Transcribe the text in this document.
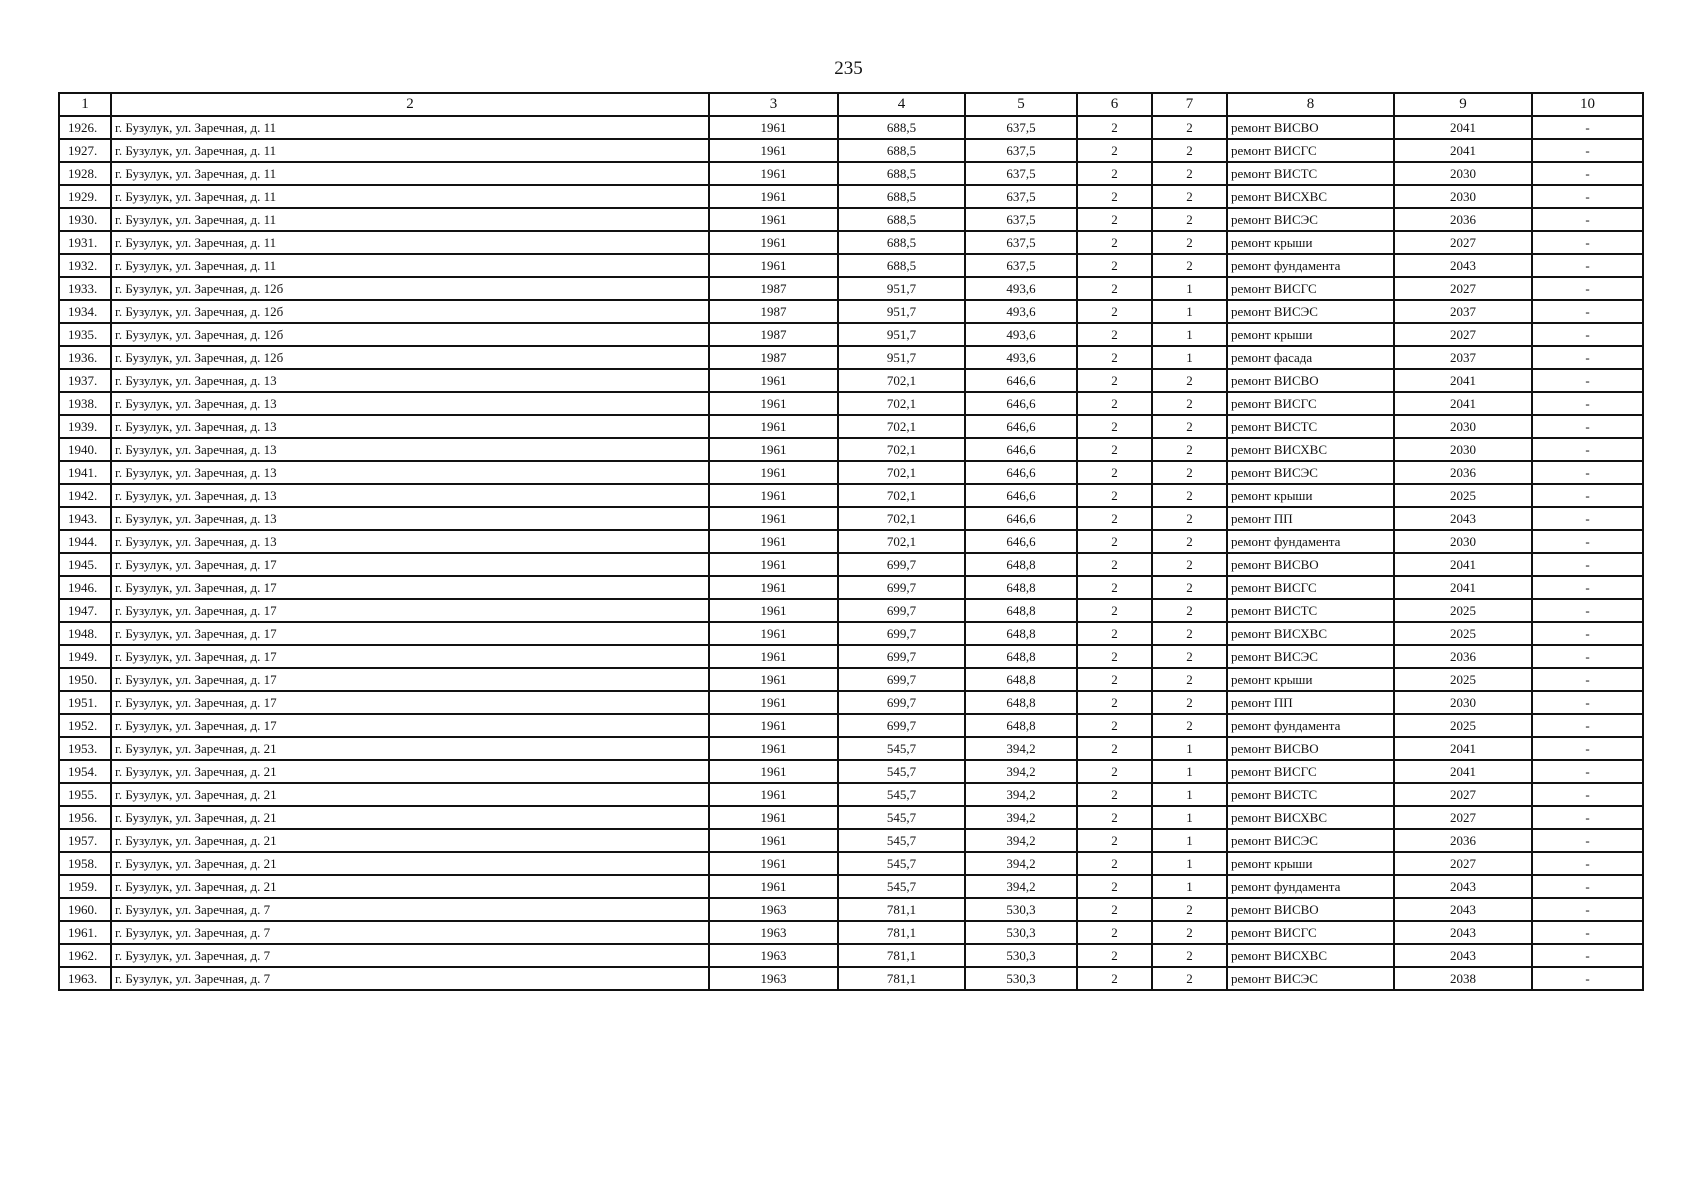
235
1	2	3	4	5	6	7	8	9	10
1926.	г. Бузулук, ул. Заречная, д. 11	1961	688,5	637,5	2	2	ремонт ВИСВО	2041	-
1927.	г. Бузулук, ул. Заречная, д. 11	1961	688,5	637,5	2	2	ремонт ВИСГС	2041	-
1928.	г. Бузулук, ул. Заречная, д. 11	1961	688,5	637,5	2	2	ремонт ВИСТС	2030	-
1929.	г. Бузулук, ул. Заречная, д. 11	1961	688,5	637,5	2	2	ремонт ВИСХВС	2030	-
1930.	г. Бузулук, ул. Заречная, д. 11	1961	688,5	637,5	2	2	ремонт ВИСЭС	2036	-
1931.	г. Бузулук, ул. Заречная, д. 11	1961	688,5	637,5	2	2	ремонт крыши	2027	-
1932.	г. Бузулук, ул. Заречная, д. 11	1961	688,5	637,5	2	2	ремонт фундамента	2043	-
1933.	г. Бузулук, ул. Заречная, д. 12б	1987	951,7	493,6	2	1	ремонт ВИСГС	2027	-
1934.	г. Бузулук, ул. Заречная, д. 12б	1987	951,7	493,6	2	1	ремонт ВИСЭС	2037	-
1935.	г. Бузулук, ул. Заречная, д. 12б	1987	951,7	493,6	2	1	ремонт крыши	2027	-
1936.	г. Бузулук, ул. Заречная, д. 12б	1987	951,7	493,6	2	1	ремонт фасада	2037	-
1937.	г. Бузулук, ул. Заречная, д. 13	1961	702,1	646,6	2	2	ремонт ВИСВО	2041	-
1938.	г. Бузулук, ул. Заречная, д. 13	1961	702,1	646,6	2	2	ремонт ВИСГС	2041	-
1939.	г. Бузулук, ул. Заречная, д. 13	1961	702,1	646,6	2	2	ремонт ВИСТС	2030	-
1940.	г. Бузулук, ул. Заречная, д. 13	1961	702,1	646,6	2	2	ремонт ВИСХВС	2030	-
1941.	г. Бузулук, ул. Заречная, д. 13	1961	702,1	646,6	2	2	ремонт ВИСЭС	2036	-
1942.	г. Бузулук, ул. Заречная, д. 13	1961	702,1	646,6	2	2	ремонт крыши	2025	-
1943.	г. Бузулук, ул. Заречная, д. 13	1961	702,1	646,6	2	2	ремонт ПП	2043	-
1944.	г. Бузулук, ул. Заречная, д. 13	1961	702,1	646,6	2	2	ремонт фундамента	2030	-
1945.	г. Бузулук, ул. Заречная, д. 17	1961	699,7	648,8	2	2	ремонт ВИСВО	2041	-
1946.	г. Бузулук, ул. Заречная, д. 17	1961	699,7	648,8	2	2	ремонт ВИСГС	2041	-
1947.	г. Бузулук, ул. Заречная, д. 17	1961	699,7	648,8	2	2	ремонт ВИСТС	2025	-
1948.	г. Бузулук, ул. Заречная, д. 17	1961	699,7	648,8	2	2	ремонт ВИСХВС	2025	-
1949.	г. Бузулук, ул. Заречная, д. 17	1961	699,7	648,8	2	2	ремонт ВИСЭС	2036	-
1950.	г. Бузулук, ул. Заречная, д. 17	1961	699,7	648,8	2	2	ремонт крыши	2025	-
1951.	г. Бузулук, ул. Заречная, д. 17	1961	699,7	648,8	2	2	ремонт ПП	2030	-
1952.	г. Бузулук, ул. Заречная, д. 17	1961	699,7	648,8	2	2	ремонт фундамента	2025	-
1953.	г. Бузулук, ул. Заречная, д. 21	1961	545,7	394,2	2	1	ремонт ВИСВО	2041	-
1954.	г. Бузулук, ул. Заречная, д. 21	1961	545,7	394,2	2	1	ремонт ВИСГС	2041	-
1955.	г. Бузулук, ул. Заречная, д. 21	1961	545,7	394,2	2	1	ремонт ВИСТС	2027	-
1956.	г. Бузулук, ул. Заречная, д. 21	1961	545,7	394,2	2	1	ремонт ВИСХВС	2027	-
1957.	г. Бузулук, ул. Заречная, д. 21	1961	545,7	394,2	2	1	ремонт ВИСЭС	2036	-
1958.	г. Бузулук, ул. Заречная, д. 21	1961	545,7	394,2	2	1	ремонт крыши	2027	-
1959.	г. Бузулук, ул. Заречная, д. 21	1961	545,7	394,2	2	1	ремонт фундамента	2043	-
1960.	г. Бузулук, ул. Заречная, д. 7	1963	781,1	530,3	2	2	ремонт ВИСВО	2043	-
1961.	г. Бузулук, ул. Заречная, д. 7	1963	781,1	530,3	2	2	ремонт ВИСГС	2043	-
1962.	г. Бузулук, ул. Заречная, д. 7	1963	781,1	530,3	2	2	ремонт ВИСХВС	2043	-
1963.	г. Бузулук, ул. Заречная, д. 7	1963	781,1	530,3	2	2	ремонт ВИСЭС	2038	-
